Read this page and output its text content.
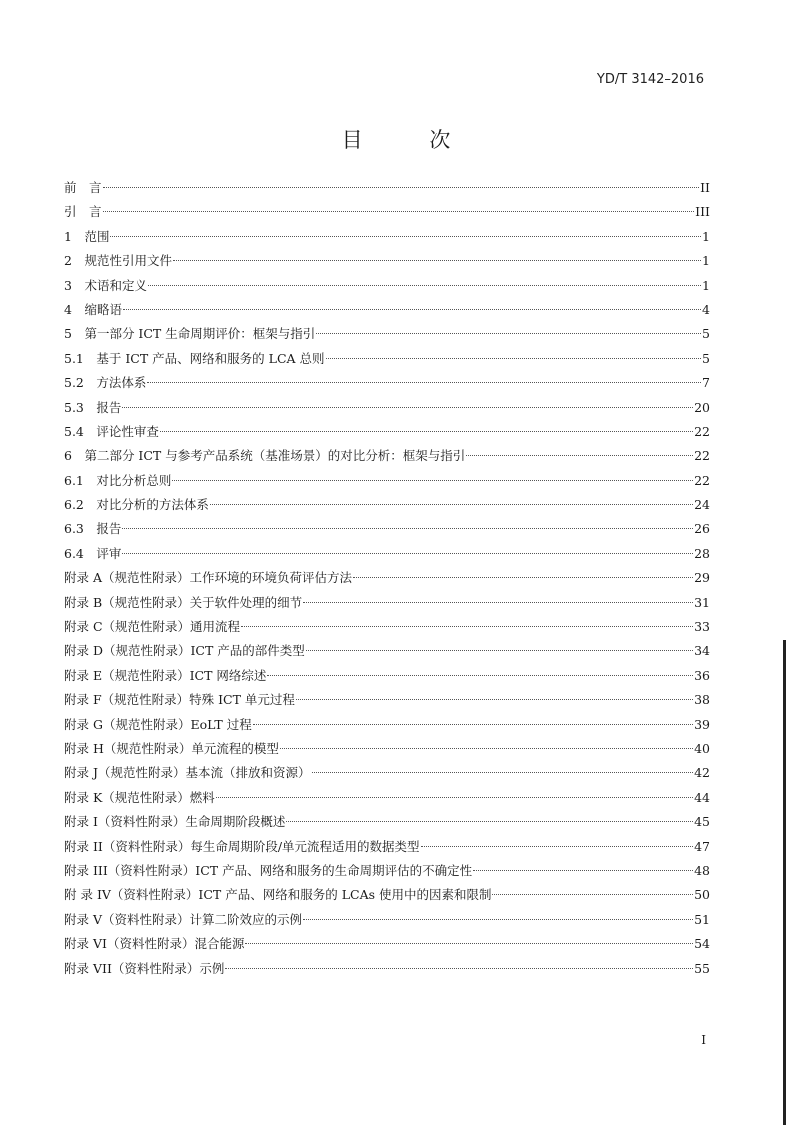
YD/T 3142–2016
目 次
前　言	II
引　言	III
1　范围	1
2　规范性引用文件	1
3　术语和定义	1
4　缩略语	4
5　第一部分 ICT 生命周期评价：框架与指引	5
5.1　基于 ICT 产品、网络和服务的 LCA 总则	5
5.2　方法体系	7
5.3　报告	20
5.4　评论性审查	22
6　第二部分 ICT 与参考产品系统（基准场景）的对比分析：框架与指引	22
6.1　对比分析总则	22
6.2　对比分析的方法体系	24
6.3　报告	26
6.4　评审	28
附录 A（规范性附录）工作环境的环境负荷评估方法	29
附录 B（规范性附录）关于软件处理的细节	31
附录 C（规范性附录）通用流程	33
附录 D（规范性附录）ICT 产品的部件类型	34
附录 E（规范性附录）ICT 网络综述	36
附录 F（规范性附录）特殊 ICT 单元过程	38
附录 G（规范性附录）EoLT 过程	39
附录 H（规范性附录）单元流程的模型	40
附录 J（规范性附录）基本流（排放和资源）	42
附录 K（规范性附录）燃料	44
附录 I（资料性附录）生命周期阶段概述	45
附录 II（资料性附录）每生命周期阶段/单元流程适用的数据类型	47
附录 III（资料性附录）ICT 产品、网络和服务的生命周期评估的不确定性	48
附 录 IV（资料性附录）ICT 产品、网络和服务的 LCAs 使用中的因素和限制	50
附录 V（资料性附录）计算二阶效应的示例	51
附录 VI（资料性附录）混合能源	54
附录 VII（资料性附录）示例	55
I
